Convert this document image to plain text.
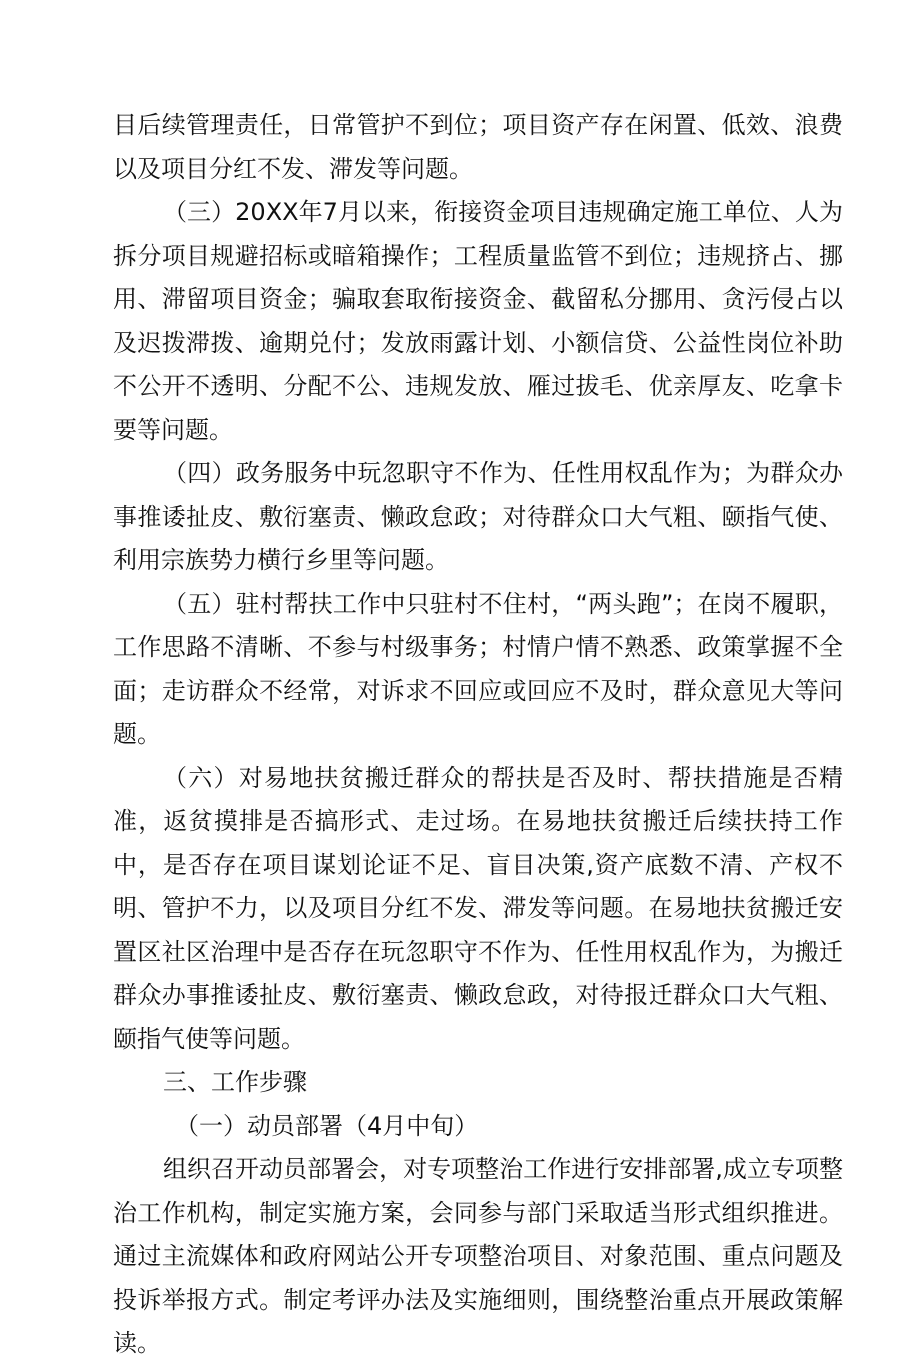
目后续管理责任，日常管护不到位；项目资产存在闲置、低效、浪费以及项目分红不发、滞发等问题。

（三）20XX年7月以来，衔接资金项目违规确定施工单位、人为拆分项目规避招标或暗箱操作；工程质量监管不到位；违规挤占、挪用、滞留项目资金；骗取套取衔接资金、截留私分挪用、贪污侵占以及迟拨滞拨、逾期兑付；发放雨露计划、小额信贷、公益性岗位补助不公开不透明、分配不公、违规发放、雁过拔毛、优亲厚友、吃拿卡要等问题。

（四）政务服务中玩忽职守不作为、任性用权乱作为；为群众办事推诿扯皮、敷衍塞责、懒政怠政；对待群众口大气粗、颐指气使、利用宗族势力横行乡里等问题。

（五）驻村帮扶工作中只驻村不住村，“两头跑”；在岗不履职，工作思路不清晰、不参与村级事务；村情户情不熟悉、政策掌握不全面；走访群众不经常，对诉求不回应或回应不及时，群众意见大等问题。

（六）对易地扶贫搬迁群众的帮扶是否及时、帮扶措施是否精准，返贫摸排是否搞形式、走过场。在易地扶贫搬迁后续扶持工作中，是否存在项目谋划论证不足、盲目决策,资产底数不清、产权不明、管护不力，以及项目分红不发、滞发等问题。在易地扶贫搬迁安置区社区治理中是否存在玩忽职守不作为、任性用权乱作为，为搬迁群众办事推诿扯皮、敷衍塞责、懒政怠政，对待报迁群众口大气粗、颐指气使等问题。

三、工作步骤

（一）动员部署（4月中旬）

组织召开动员部署会，对专项整治工作进行安排部署,成立专项整治工作机构，制定实施方案，会同参与部门采取适当形式组织推进。通过主流媒体和政府网站公开专项整治项目、对象范围、重点问题及投诉举报方式。制定考评办法及实施细则，围绕整治重点开展政策解读。
